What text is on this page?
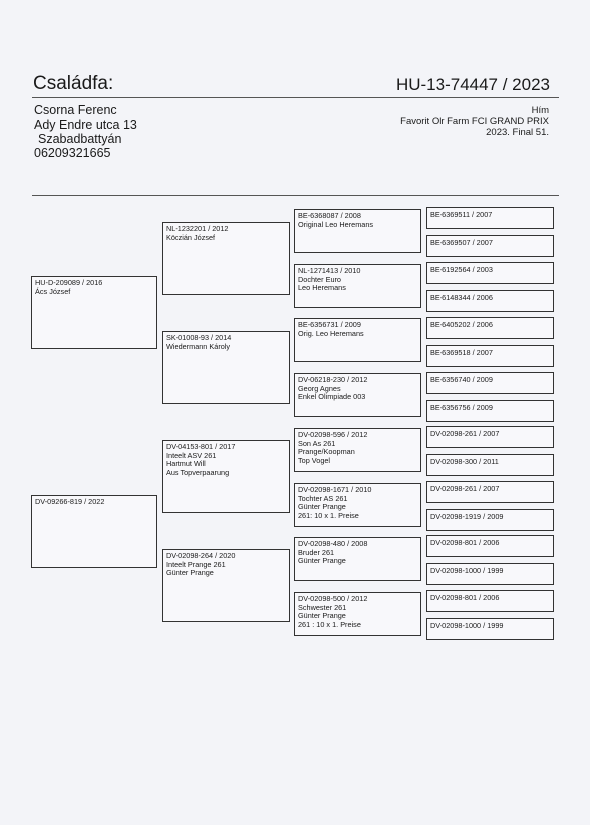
Családfa:	HU-13-74447 / 2023
Csorna Ferenc
Ady Endre utca 13
Szabadbattyán
06209321665
Hím
Favorit Olr Farm FCI GRAND PRIX
2023. Final 51.
HU-D-209089 / 2016
Ács József
DV-09266-819 / 2022
NL-1232201 / 2012
Köczián József
SK-01008-93 / 2014
Wiedermann Károly
DV-04153-801 / 2017
Inteelt ASV 261
Hartmut Will
Aus Topverpaarung
DV-02098-264 / 2020
Inteelt Prange 261
Günter Prange
BE-6368087 / 2008
Original Leo Heremans
NL-1271413 / 2010
Dochter Euro
Leo Heremans
BE-6356731 / 2009
Orig. Leo Heremans
DV-06218-230 / 2012
Georg Agnes
Enkel Olimpiade 003
DV-02098-596 / 2012
Son As 261
Prange/Koopman
Top Vogel
DV-02098-1671 / 2010
Tochter AS 261
Günter Prange
261: 10 x 1. Preise
DV-02098-480 / 2008
Bruder 261
Günter Prange
DV-02098-500 / 2012
Schwester 261
Günter Prange
261 : 10 x 1. Preise
BE-6369511 / 2007
BE-6369507 / 2007
BE-6192564 / 2003
BE-6148344 / 2006
BE-6405202 / 2006
BE-6369518 / 2007
BE-6356740 / 2009
BE-6356756 / 2009
DV-02098-261 / 2007
DV-02098-300 / 2011
DV-02098-261 / 2007
DV-02098-1919 / 2009
DV-02098-801 / 2006
DV-02098-1000 / 1999
DV-02098-801 / 2006
DV-02098-1000 / 1999
